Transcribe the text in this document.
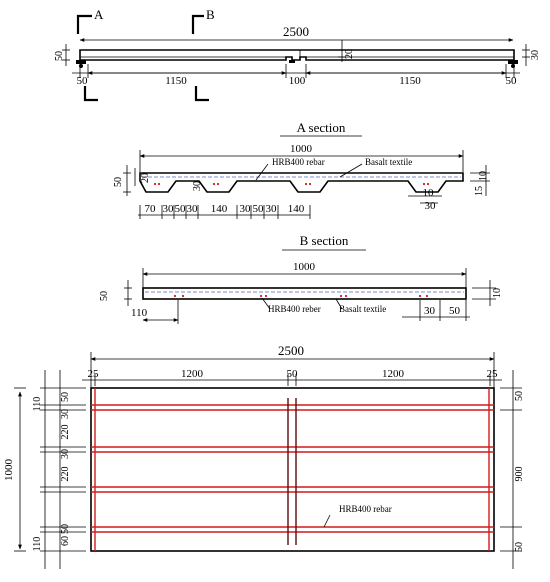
A	B
2500
50	20	30
50	1150	100	1150	50
A section
1000
HRB400 rebar	Basalt textile
50 20
30
10
15
10
30
70 30 50 30 140 30 50 30 140
B section
1000
HRB400 reber Basalt textile
50	10
110	30 50
2500
25	1200	50	1200	25
HRB400 rebar
1000
110 50
30
220
30
220
50
60
110
50
900
50
